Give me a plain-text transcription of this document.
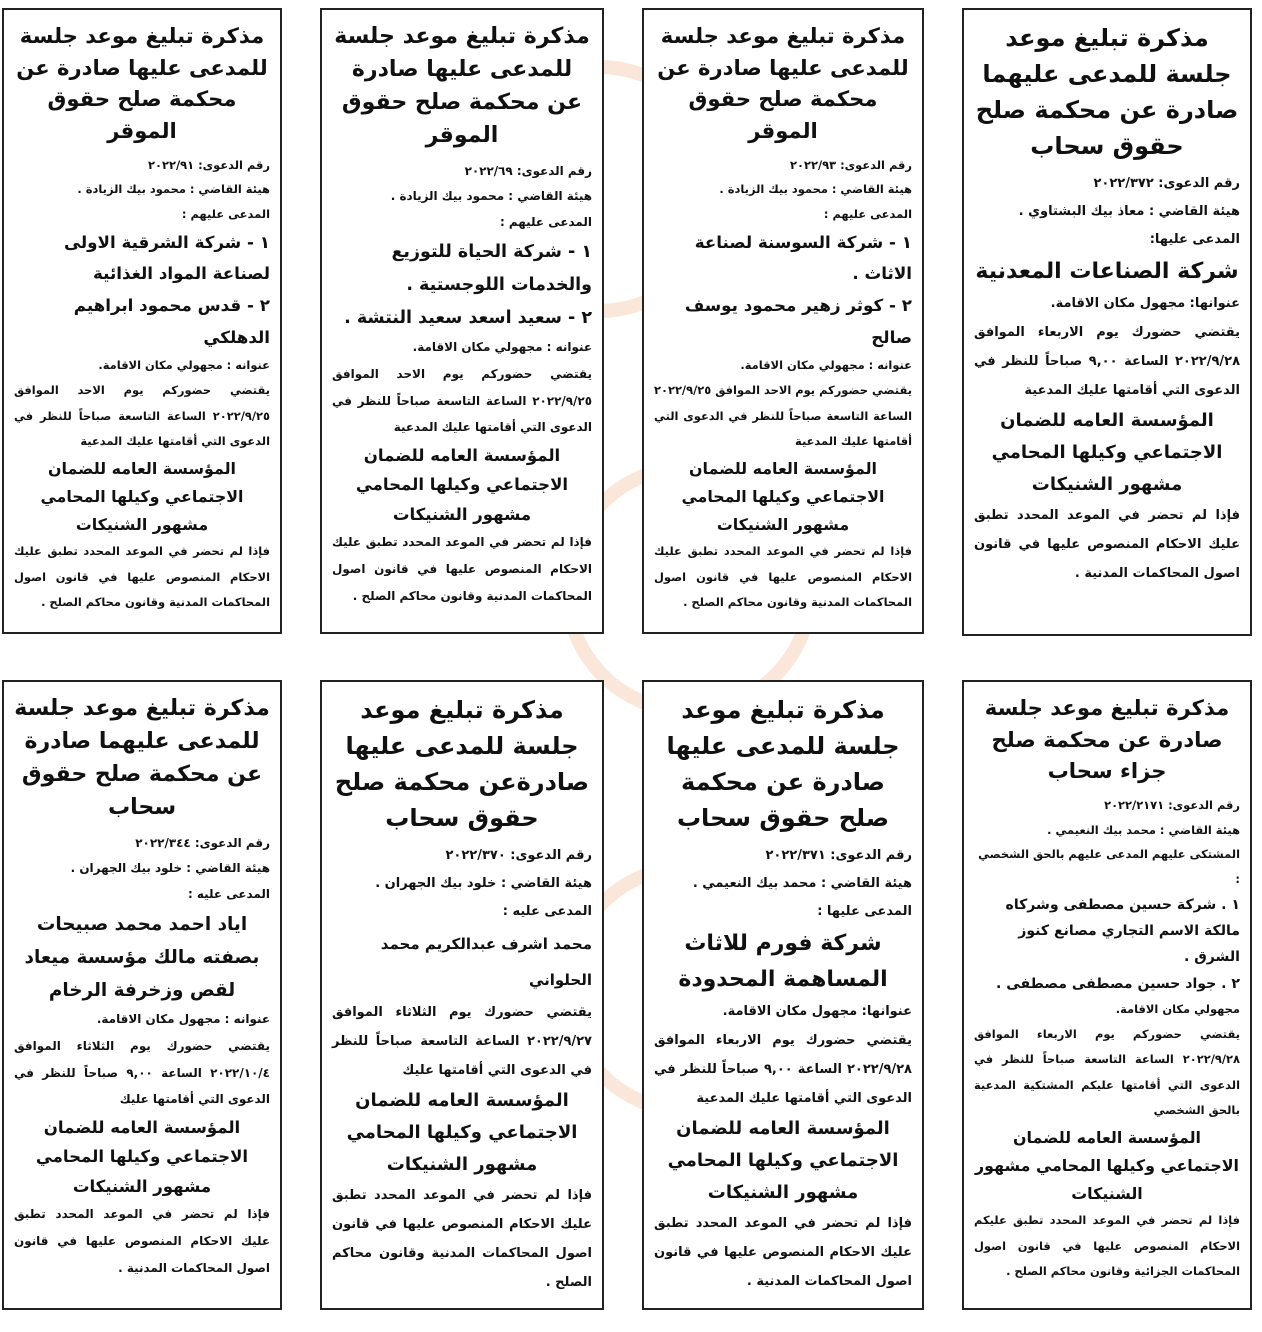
مذكرة تبليغ موعد جلسة للمدعى عليهما صادرة عن محكمة صلح حقوق سحاب
رقم الدعوى: ٢٠٢٢/٣٧٢
هيئة القاضي : معاذ بيك البشتاوي .
المدعى عليها:
شركة الصناعات المعدنية
عنوانها: مجهول مكان الاقامة.
يقتضي حضورك يوم الاربعاء الموافق ٢٠٢٢/٩/٢٨ الساعة ٩,٠٠ صباحاً للنظر في الدعوى التي أقامتها عليك المدعية
المؤسسة العامه للضمان الاجتماعي وكيلها المحامي مشهور الشنيكات
فإذا لم تحضر في الموعد المحدد تطبق عليك الاحكام المنصوص عليها في قانون اصول المحاكمات المدنية .
مذكرة تبليغ موعد جلسة للمدعى عليها صادرة عن محكمة صلح حقوق الموقر
رقم الدعوى: ٢٠٢٢/٩٣
هيئة القاضي : محمود بيك الزيادة .
المدعى عليهم :
١ - شركة السوسنة لصناعة الاثاث .
٢ - كوثر زهير محمود يوسف صالح
عنوانه : مجهولي مكان الاقامة.
يقتضي حضوركم يوم الاحد الموافق ٢٠٢٢/٩/٢٥ الساعة التاسعة صباحاً للنظر في الدعوى التي أقامتها عليك المدعية
المؤسسة العامه للضمان الاجتماعي وكيلها المحامي مشهور الشنيكات
فإذا لم تحضر في الموعد المحدد تطبق عليك الاحكام المنصوص عليها في قانون اصول المحاكمات المدنية وقانون محاكم الصلح .
مذكرة تبليغ موعد جلسة للمدعى عليها صادرة عن محكمة صلح حقوق الموقر
رقم الدعوى: ٢٠٢٢/٦٩
هيئة القاضي : محمود بيك الزيادة .
المدعى عليهم :
١ - شركة الحياة للتوزيع والخدمات اللوجستية .
٢ - سعيد اسعد سعيد النتشة .
عنوانه : مجهولي مكان الاقامة.
يقتضي حضوركم يوم الاحد الموافق ٢٠٢٢/٩/٢٥ الساعة التاسعة صباحاً للنظر في الدعوى التي أقامتها عليك المدعية
المؤسسة العامه للضمان الاجتماعي وكيلها المحامي مشهور الشنيكات
فإذا لم تحضر في الموعد المحدد تطبق عليك الاحكام المنصوص عليها في قانون اصول المحاكمات المدنية وقانون محاكم الصلح .
مذكرة تبليغ موعد جلسة للمدعى عليها صادرة عن محكمة صلح حقوق الموقر
رقم الدعوى: ٢٠٢٢/٩١
هيئة القاضي : محمود بيك الزيادة .
المدعى عليهم :
١ - شركة الشرقية الاولى لصناعة المواد الغذائية
٢ - قدس محمود ابراهيم الدهلكي
عنوانه : مجهولي مكان الاقامة.
يقتضي حضوركم يوم الاحد الموافق ٢٠٢٢/٩/٢٥ الساعة التاسعة صباحاً للنظر في الدعوى التي أقامتها عليك المدعية
المؤسسة العامه للضمان الاجتماعي وكيلها المحامي مشهور الشنيكات
فإذا لم تحضر في الموعد المحدد تطبق عليك الاحكام المنصوص عليها في قانون اصول المحاكمات المدنية وقانون محاكم الصلح .
مذكرة تبليغ موعد جلسة صادرة عن محكمة صلح جزاء سحاب
رقم الدعوى: ٢٠٢٢/٢١٧١
هيئة القاضي : محمد بيك النعيمي .
المشتكى عليهم المدعى عليهم بالحق الشخصي :
١ . شركة حسين مصطفى وشركاه مالكة الاسم التجاري مصانع كنوز الشرق .
٢ . جواد حسين مصطفى مصطفى .
مجهولي مكان الاقامة.
يقتضي حضوركم يوم الاربعاء الموافق ٢٠٢٢/٩/٢٨ الساعة التاسعة صباحاً للنظر في الدعوى التي أقامتها عليكم المشتكية المدعية بالحق الشخصي
المؤسسة العامه للضمان الاجتماعي وكيلها المحامي مشهور الشنيكات
فإذا لم تحضر في الموعد المحدد تطبق عليكم الاحكام المنصوص عليها في قانون اصول المحاكمات الجزائية وقانون محاكم الصلح .
مذكرة تبليغ موعد جلسة للمدعى عليها صادرة عن محكمة صلح حقوق سحاب
رقم الدعوى: ٢٠٢٢/٣٧١
هيئة القاضي : محمد بيك النعيمي .
المدعى عليها :
شركة فورم للاثاث المساهمة المحدودة
عنوانها: مجهول مكان الاقامة.
يقتضي حضورك يوم الاربعاء الموافق ٢٠٢٢/٩/٢٨ الساعة ٩,٠٠ صباحاً للنظر في الدعوى التي أقامتها عليك المدعية
المؤسسة العامه للضمان الاجتماعي وكيلها المحامي مشهور الشنيكات
فإذا لم تحضر في الموعد المحدد تطبق عليك الاحكام المنصوص عليها في قانون اصول المحاكمات المدنية .
مذكرة تبليغ موعد جلسة للمدعى عليها صادرةعن محكمة صلح حقوق سحاب
رقم الدعوى: ٢٠٢٢/٣٧٠
هيئة القاضي : خلود بيك الجهران .
المدعى عليه :
محمد اشرف عبدالكريم محمد الحلواني
يقتضي حضورك يوم الثلاثاء الموافق ٢٠٢٢/٩/٢٧ الساعة التاسعة صباحاً للنظر في الدعوى التي أقامتها عليك
المؤسسة العامه للضمان الاجتماعي وكيلها المحامي مشهور الشنيكات
فإذا لم تحضر في الموعد المحدد تطبق عليك الاحكام المنصوص عليها في قانون اصول المحاكمات المدنية وقانون محاكم الصلح .
مذكرة تبليغ موعد جلسة للمدعى عليهما صادرة عن محكمة صلح حقوق سحاب
رقم الدعوى: ٢٠٢٢/٣٤٤
هيئة القاضي : خلود بيك الجهران .
المدعى عليه :
اياد احمد محمد صبيحات بصفته مالك مؤسسة ميعاد لقص وزخرفة الرخام
عنوانه : مجهول مكان الاقامة.
يقتضي حضورك يوم الثلاثاء الموافق ٢٠٢٢/١٠/٤ الساعة ٩,٠٠ صباحاً للنظر في الدعوى التي أقامتها عليك
المؤسسة العامه للضمان الاجتماعي وكيلها المحامي مشهور الشنيكات
فإذا لم تحضر في الموعد المحدد تطبق عليك الاحكام المنصوص عليها في قانون اصول المحاكمات المدنية .
